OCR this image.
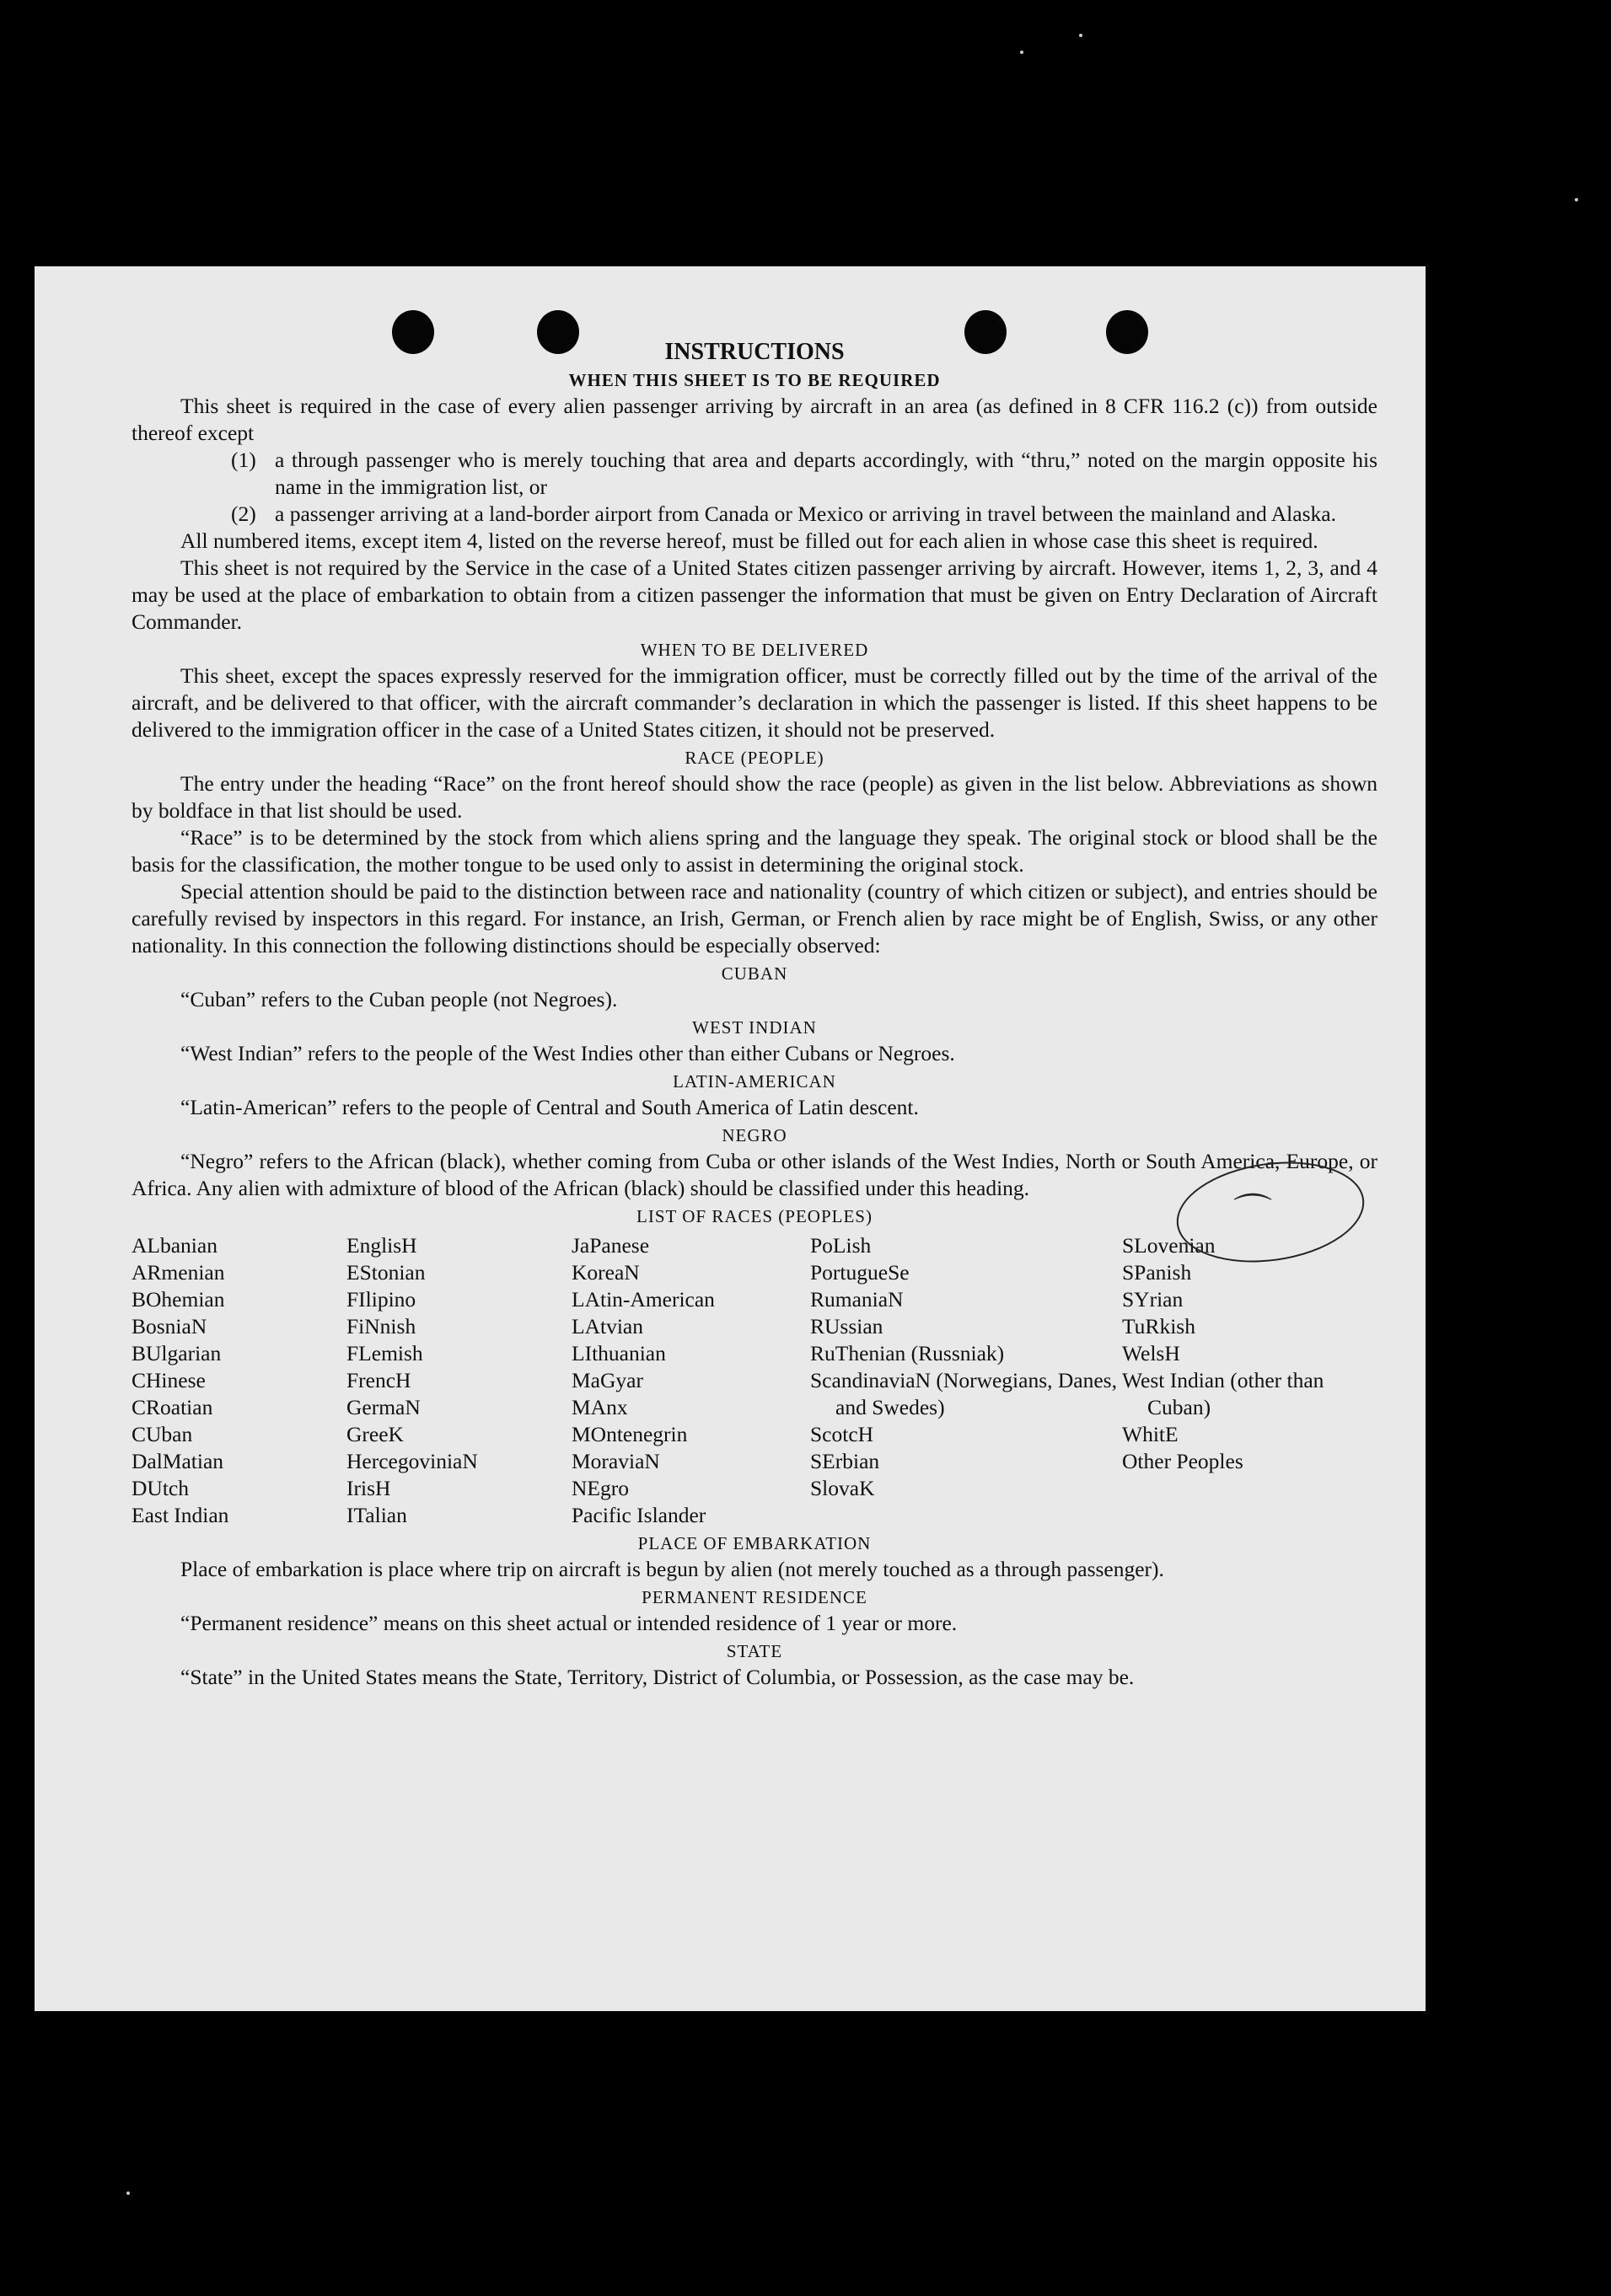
INSTRUCTIONS
WHEN THIS SHEET IS TO BE REQUIRED

This sheet is required in the case of every alien passenger arriving by aircraft in an area (as defined in 8 CFR 116.2 (c)) from outside thereof except

(1) a through passenger who is merely touching that area and departs accordingly, with “thru,” noted on the margin opposite his name in the immigration list, or
(2) a passenger arriving at a land-border airport from Canada or Mexico or arriving in travel between the mainland and Alaska.

All numbered items, except item 4, listed on the reverse hereof, must be filled out for each alien in whose case this sheet is required.

This sheet is not required by the Service in the case of a United States citizen passenger arriving by aircraft. However, items 1, 2, 3, and 4 may be used at the place of embarkation to obtain from a citizen passenger the information that must be given on Entry Declaration of Aircraft Commander.

WHEN TO BE DELIVERED

This sheet, except the spaces expressly reserved for the immigration officer, must be correctly filled out by the time of the arrival of the aircraft, and be delivered to that officer, with the aircraft commander’s declaration in which the passenger is listed. If this sheet happens to be delivered to the immigration officer in the case of a United States citizen, it should not be preserved.

RACE (PEOPLE)

The entry under the heading “Race” on the front hereof should show the race (people) as given in the list below. Abbreviations as shown by boldface in that list should be used.

“Race” is to be determined by the stock from which aliens spring and the language they speak. The original stock or blood shall be the basis for the classification, the mother tongue to be used only to assist in determining the original stock.

Special attention should be paid to the distinction between race and nationality (country of which citizen or subject), and entries should be carefully revised by inspectors in this regard. For instance, an Irish, German, or French alien by race might be of English, Swiss, or any other nationality. In this connection the following distinctions should be especially observed:

CUBAN

“Cuban” refers to the Cuban people (not Negroes).

WEST INDIAN

“West Indian” refers to the people of the West Indies other than either Cubans or Negroes.

LATIN-AMERICAN

“Latin-American” refers to the people of Central and South America of Latin descent.

NEGRO

“Negro” refers to the African (black), whether coming from Cuba or other islands of the West Indies, North or South America, Europe, or Africa. Any alien with admixture of blood of the African (black) should be classified under this heading.

LIST OF RACES (PEOPLES)
ALbanian
ARmenian
BOhemian
BosniaN
BUlgarian
CHinese
CRoatian
CUban
DalMatian
DUtch
East Indian
EnglisH
EStonian
FIlipino
FiNnish
FLemish
FrencH
GermaN
GreeK
HercegoviniaN
IrisH
ITalian
JaPanese
KoreaN
LAtin-American
LAtvian
LIthuanian
MaGyar
MAnx
MOntenegrin
MoraviaN
NEgro
Pacific Islander
PoLish
PortugueSe
RumaniaN
RUssian
RuThenian (Russniak)
ScandinaviaN (Norwegians, Danes, and Swedes)
ScotcH
SErbian
SlovaK
SLovenian
SPanish
SYrian
TuRkish
WelsH
West Indian (other than Cuban)
WhitE
Other Peoples
PLACE OF EMBARKATION

Place of embarkation is place where trip on aircraft is begun by alien (not merely touched as a through passenger).

PERMANENT RESIDENCE

“Permanent residence” means on this sheet actual or intended residence of 1 year or more.

STATE

“State” in the United States means the State, Territory, District of Columbia, or Possession, as the case may be.

⌒
